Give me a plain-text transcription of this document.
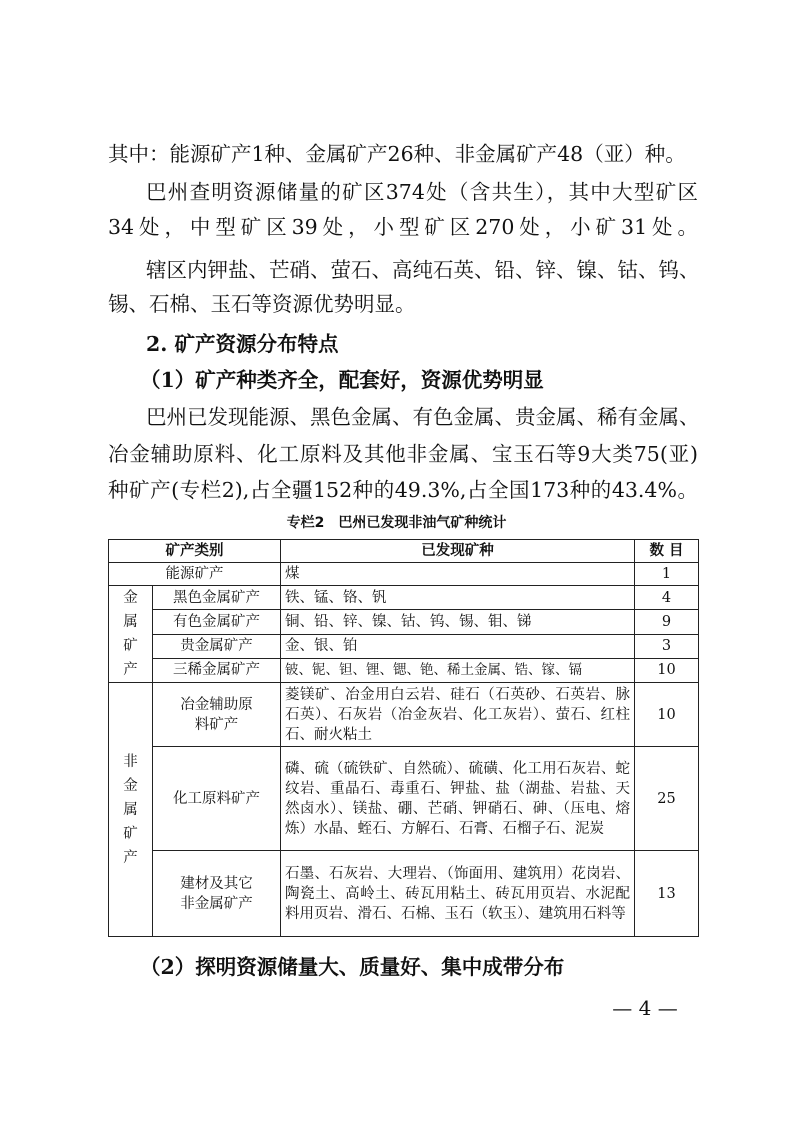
其中：能源矿产1种、金属矿产26种、非金属矿产48（亚）种。
巴州查明资源储量的矿区374处（含共生），其中大型矿区
34处，中型矿区39处，小型矿区270处，小矿31处。
辖区内钾盐、芒硝、萤石、高纯石英、铅、锌、镍、钴、钨、
锡、石棉、玉石等资源优势明显。
2. 矿产资源分布特点
（1）矿产种类齐全，配套好，资源优势明显
巴州已发现能源、黑色金属、有色金属、贵金属、稀有金属、
冶金辅助原料、化工原料及其他非金属、宝玉石等9大类75(亚)
种矿产(专栏2),占全疆152种的49.3%,占全国173种的43.4%。
专栏2　巴州已发现非油气矿种统计
矿产类别		已发现矿种	数 目
能源矿产		煤	1
金属矿产	黑色金属矿产	铁、锰、铬、钒	4
	有色金属矿产	铜、铅、锌、镍、钴、钨、锡、钼、锑	9
	贵金属矿产	金、银、铂	3
	三稀金属矿产	铍、铌、钽、锂、锶、铯、稀土金属、锆、镓、镉	10
非金属矿产	冶金辅助原料矿产	菱镁矿、冶金用白云岩、硅石（石英砂、石英岩、脉石英）、石灰岩（冶金灰岩、化工灰岩）、萤石、红柱石、耐火粘土	10
	化工原料矿产	磷、硫（硫铁矿、自然硫）、硫磺、化工用石灰岩、蛇纹岩、重晶石、毒重石、钾盐、盐（湖盐、岩盐、天然卤水）、镁盐、硼、芒硝、钾硝石、砷、（压电、熔炼）水晶、蛭石、方解石、石膏、石榴子石、泥炭	25
	建材及其它非金属矿产	石墨、石灰岩、大理岩、（饰面用、建筑用）花岗岩、陶瓷土、高岭土、砖瓦用粘土、砖瓦用页岩、水泥配料用页岩、滑石、石棉、玉石（软玉）、建筑用石料等	13
（2）探明资源储量大、质量好、集中成带分布
— 4 —
